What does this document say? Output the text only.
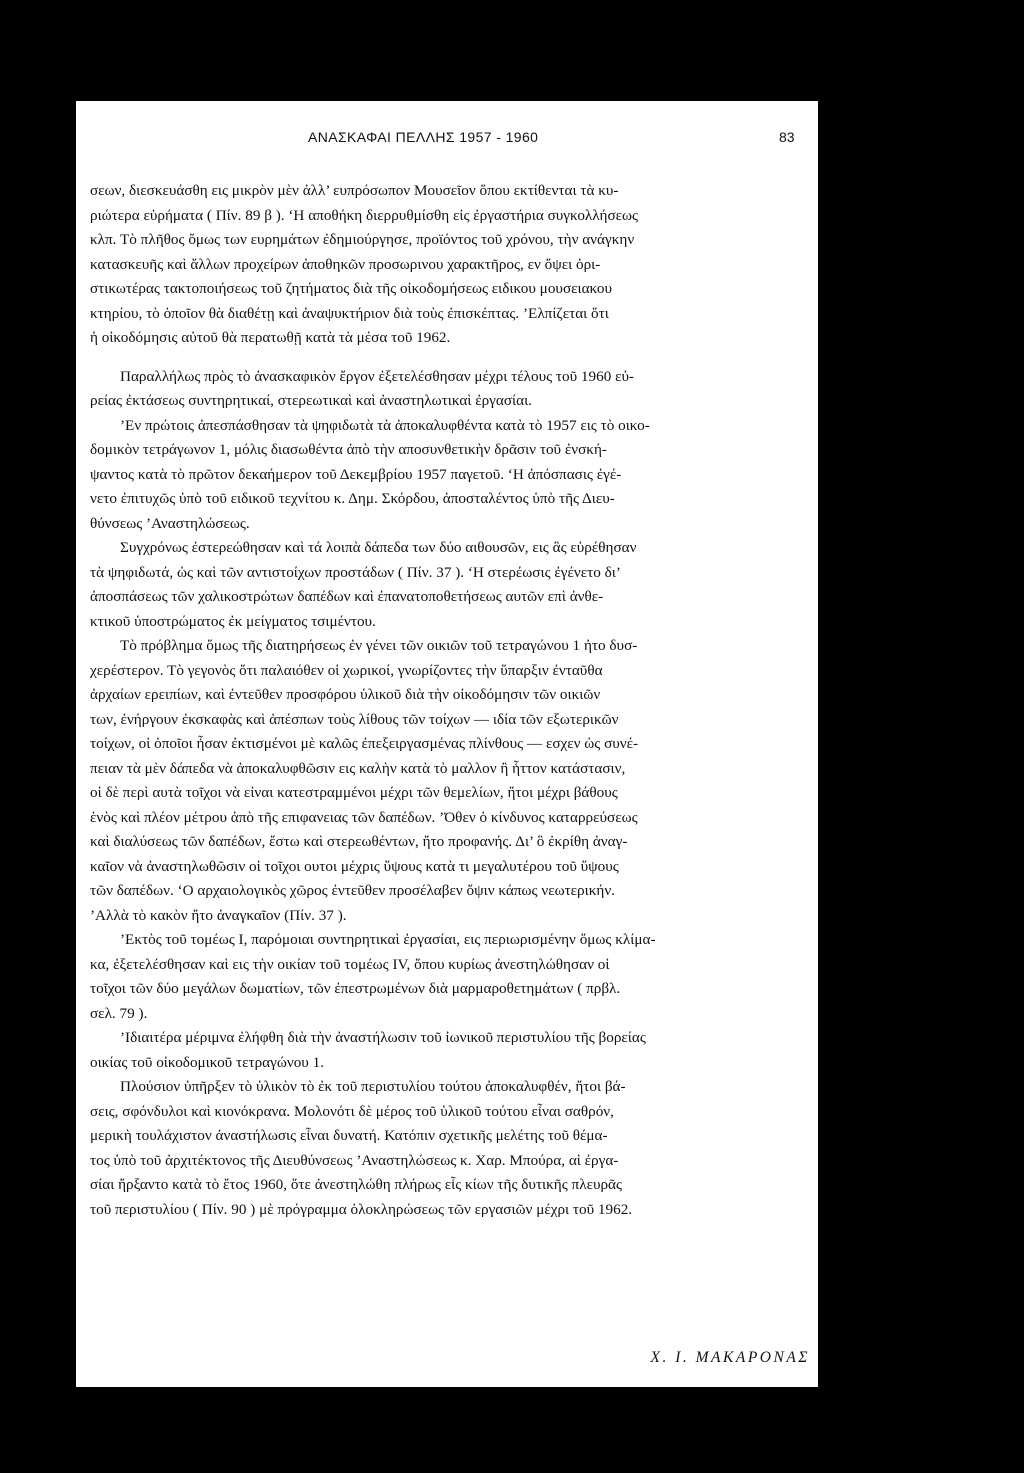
ΑΝΑΣΚΑΦΑΙ ΠΕΛΛΗΣ 1957 - 1960	83
σεων, διεσκευάσθη εις μικρὸν μὲν ἀλλ’ ευπρόσωπον Μουσεῖον ὅπου εκτίθενται τὰ κυ-
ριώτερα εὑρήματα ( Πίν. 89 β ). ‘Η αποθήκη διερρυθμίσθη εἰς ἐργαστήρια συγκολλήσεως
κλπ. Τὸ πλῆθος ὅμως των ευρημάτων ἐδημιούργησε, προϊόντος τοῦ χρόνου, τὴν ανάγκην
κατασκευῆς καὶ ἄλλων προχείρων ἀποθηκῶν προσωρινου χαρακτῆρος, εν ὄψει ὁρι-
στικωτέρας τακτοποιήσεως τοῦ ζητήματος διὰ τῆς οἰκοδομήσεως ειδικου μουσειακου
κτηρίου, τὸ ὁποῖον θὰ διαθέτῃ καὶ ἀναψυκτήριον διὰ τοὺς ἐπισκέπτας. ’Ελπίζεται ὅτι
ἡ οἰκοδόμησις αὐτοῦ θὰ περατωθῇ κατὰ τὰ μέσα τοῦ 1962.
Παραλλήλως πρὸς τὸ ἀνασκαφικὸν ἔργον ἐξετελέσθησαν μέχρι τέλους τοῦ 1960 εὐ-
ρείας ἐκτάσεως συντηρητικαί, στερεωτικαὶ καὶ ἀναστηλωτικαὶ ἐργασίαι.
’Εν πρώτοις ἀπεσπάσθησαν τὰ ψηφιδωτὰ τὰ ἀποκαλυφθέντα κατὰ τὸ 1957 εις τὸ οικο-
δομικὸν τετράγωνον 1, μόλις διασωθέντα ἀπὸ τὴν αποσυνθετικὴν δρᾶσιν τοῦ ἐνσκή-
ψαντος κατὰ τὸ πρῶτον δεκαήμερον τοῦ Δεκεμβρίου 1957 παγετοῦ. ‘Η ἀπόσπασις ἐγέ-
νετο ἐπιτυχῶς ὑπὸ τοῦ ειδικοῦ τεχνίτου κ. Δημ. Σκόρδου, ἀποσταλέντος ὑπὸ τῆς Διευ-
θύνσεως ’Αναστηλώσεως.
Συγχρόνως ἐστερεώθησαν καὶ τά λοιπὰ δάπεδα των δύο αιθουσῶν, εις ἃς εὑρέθησαν
τὰ ψηφιδωτά, ὡς καὶ τῶν αντιστοίχων προστάδων ( Πίν. 37 ). ‘Η στερέωσις ἐγένετο δι’
ἀποσπάσεως τῶν χαλικοστρώτων δαπέδων καὶ ἐπανατοποθετήσεως αυτῶν επὶ ἀνθε-
κτικοῦ ὑποστρώματος ἐκ μείγματος τσιμέντου.
Τὸ πρόβλημα ὅμως τῆς διατηρήσεως ἐν γένει τῶν οικιῶν τοῦ τετραγώνου 1 ἠτο δυσ-
χερέστερον. Τὸ γεγονὸς ὅτι παλαιόθεν οἱ χωρικοί, γνωρίζοντες τὴν ὕπαρξιν ἐνταῦθα
ἀρχαίων ερειπίων, καὶ ἐντεῦθεν προσφόρου ὑλικοῦ διὰ τὴν οἰκοδόμησιν τῶν οικιῶν
των, ἐνήργουν ἐκσκαφὰς καὶ ἀπέσπων τοὺς λίθους τῶν τοίχων — ιδία τῶν εξωτερικῶν
τοίχων, οἱ ὁποῖοι ἦσαν ἐκτισμένοι μὲ καλῶς ἐπεξειργασμένας πλίνθους — εσχεν ὡς συνέ-
πειαν τὰ μὲν δάπεδα νὰ ἀποκαλυφθῶσιν εις καλὴν κατὰ τὸ μαλλον ἢ ἧττον κατάστασιν,
οἱ δὲ περὶ αυτὰ τοῖχοι νὰ εἰναι κατεστραμμένοι μέχρι τῶν θεμελίων, ἤτοι μέχρι βάθους
ἑνὸς καὶ πλέον μέτρου ἀπὸ τῆς επιφανειας τῶν δαπέδων. ’Όθεν ὁ κίνδυνος καταρρεύσεως
καὶ διαλύσεως τῶν δαπέδων, ἔστω καὶ στερεωθέντων, ἤτο προφανής. Δι’ ὃ ἐκρίθη ἀναγ-
καῖον νὰ ἀναστηλωθῶσιν οἱ τοῖχοι ουτοι μέχρις ὕψους κατὰ τι μεγαλυτέρου τοῦ ὕψους
τῶν δαπέδων. ‘Ο αρχαιολογικὸς χῶρος ἐντεῦθεν προσέλαβεν ὄψιν κάπως νεωτερικήν.
’Αλλὰ τὸ κακὸν ἤτο ἀναγκαῖον (Πίν. 37 ).
’Εκτὸς τοῦ τομέως Ι, παρόμοιαι συντηρητικαὶ ἐργασίαι, εις περιωρισμένην ὅμως κλίμα-
κα, ἐξετελέσθησαν καὶ εις τὴν οικίαν τοῦ τομέως IV, ὅπου κυρίως ἀνεστηλώθησαν οἱ
τοῖχοι τῶν δύο μεγάλων δωματίων, τῶν ἐπεστρωμένων διὰ μαρμαροθετημάτων ( πρβλ.
σελ. 79 ).
’Ιδιαιτέρα μέριμνα ἐλήφθη διὰ τὴν ἀναστήλωσιν τοῦ ἰωνικοῦ περιστυλίου τῆς βορείας
οικίας τοῦ οἰκοδομικοῦ τετραγώνου 1.
Πλούσιον ὑπῆρξεν τὸ ὑλικὸν τὸ ἐκ τοῦ περιστυλίου τούτου ἀποκαλυφθέν, ἤτοι βά-
σεις, σφόνδυλοι καὶ κιονόκρανα. Μολονότι δὲ μέρος τοῦ ὑλικοῦ τούτου εἶναι σαθρόν,
μερικὴ τουλάχιστον ἀναστήλωσις εἶναι δυνατή. Κατόπιν σχετικῆς μελέτης τοῦ θέμα-
τος ὑπὸ τοῦ ἀρχιτέκτονος τῆς Διευθύνσεως ’Αναστηλώσεως κ. Χαρ. Μπούρα, αἱ ἐργα-
σίαι ἤρξαντο κατὰ τὸ ἔτος 1960, ὅτε ἀνεστηλώθη πλήρως εἷς κίων τῆς δυτικῆς πλευρᾶς
τοῦ περιστυλίου ( Πίν. 90 ) μὲ πρόγραμμα ὁλοκληρώσεως τῶν εργασιῶν μέχρι τοῦ 1962.
Χ. Ι. ΜΑΚΑΡΟΝΑΣ
